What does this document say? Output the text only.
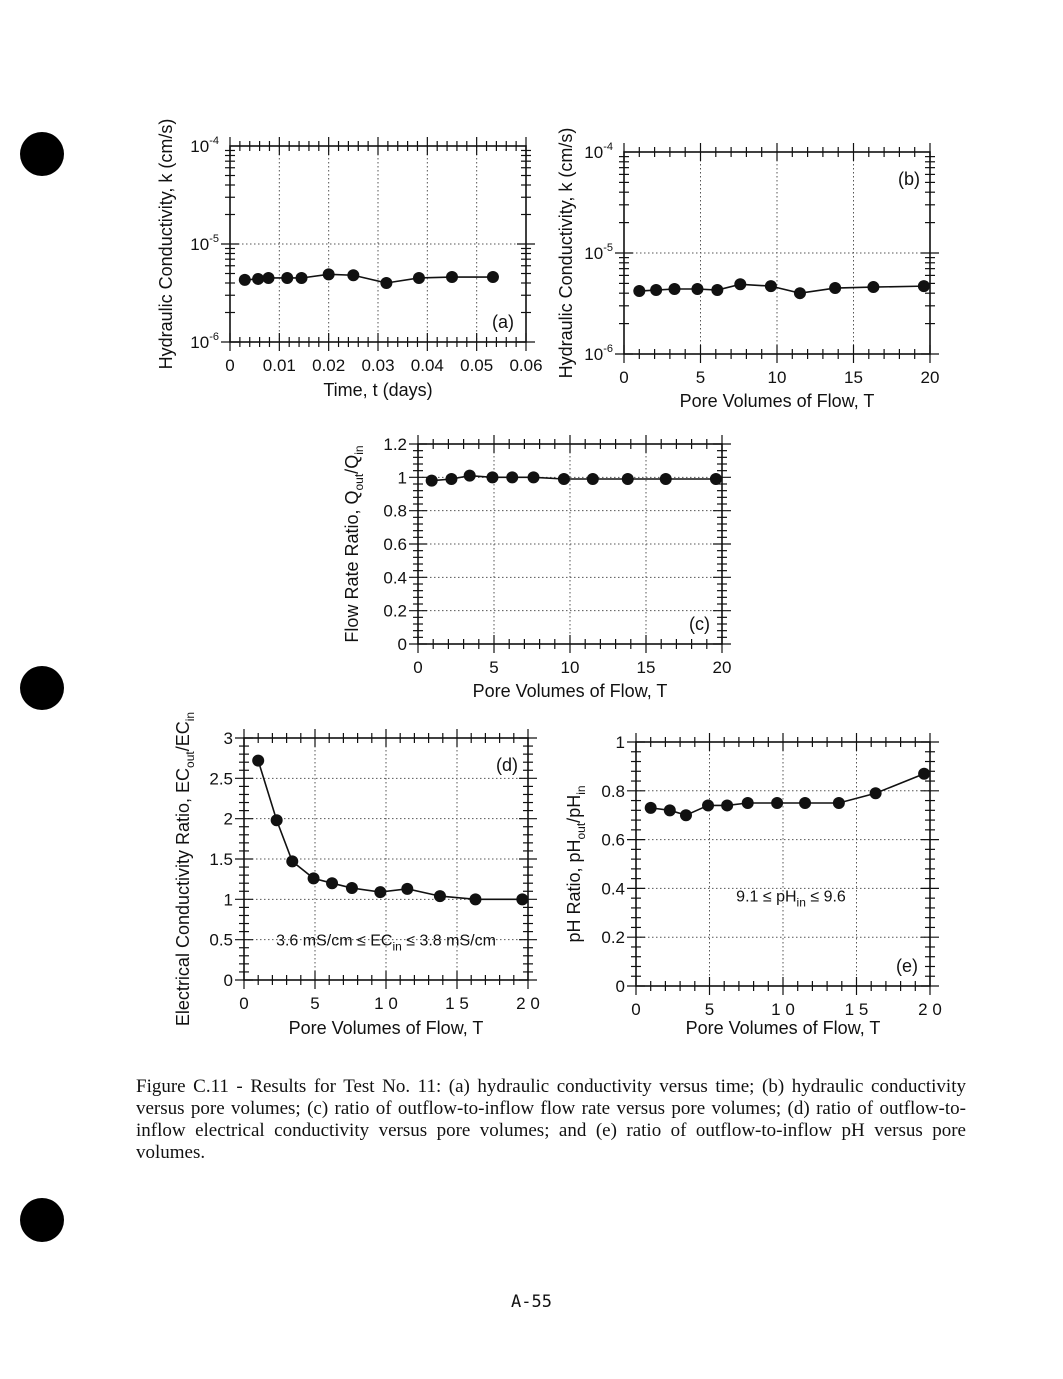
0 0.01 0.02 0.03 0.04 0.05 0.06
$10^{-6}$
$10^{-5}$
$10^{-4}$
Time, t (days)
Hydraulic Conductivity, k (cm/s)	(a)
0	5	10	15	20
$10^{-6}$
$10^{-5}$
$10^{-4}$
Pore Volumes of Flow, T
Hydraulic Conductivity, k (cm/s)	(b)
0	5	10	15	20
0
0.2
0.4
0.6
0.8
1
1.2
Pore Volumes of Flow, T
Flow Rate Ratio, $Q_{out}/Q_{in}$
(c)
0	5	1 0	1 5	2 0
0
0.5
1
1.5
2
2.5
3
Pore Volumes of Flow, T
Electrical Conductivity Ratio, $EC_{out}/EC_{in}$
(d)
3.6 $mS/cm \le EC_{in} \le 3.8$ mS/cm
0	5	1 0	1 5	2 0
0
0.2
0.4
0.6
0.8
1
Pore Volumes of Flow, T
pH Ratio, $pH_{out}/pH_{in}$
(e)
$9.1 \le pH_{in} \le 9.6$

Figure C.11 - Results for Test No. 11: (a) hydraulic conductivity versus time; (b) hydraulic conductivity versus pore volumes; (c) ratio of outflow-to-inflow flow rate versus pore volumes; (d) ratio of outflow-to-inflow electrical conductivity versus pore volumes; and (e) ratio of outflow-to-inflow pH versus pore volumes.

A-55
